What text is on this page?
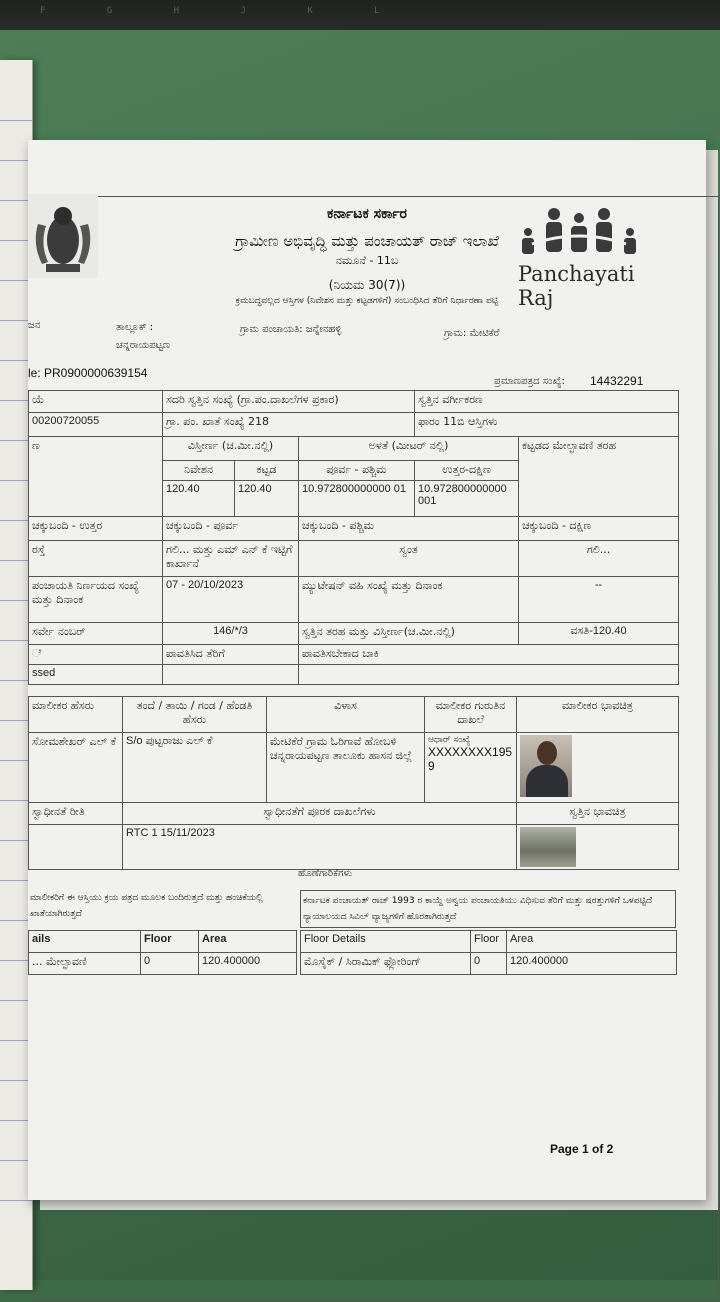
F G H J K L
Panchayati Raj
ಕರ್ನಾಟಕ ಸರ್ಕಾರ
ಗ್ರಾಮೀಣ ಅಭಿವೃದ್ಧಿ ಮತ್ತು ಪಂಚಾಯತ್ ರಾಜ್ ಇಲಾಖೆ
ನಮೂನೆ - 11ಬ
(ನಿಯಮ 30(7))
ಕ್ರಮಬದ್ಧವಲ್ಲದ ಆಸ್ತಿಗಳ (ನಿವೇಶನ ಮತ್ತು ಕಟ್ಟಡಗಳಿಗೆ) ಸಂಬಂಧಿಸಿದ ತೆರಿಗೆ ನಿರ್ಧಾರಣಾ ಪಟ್ಟಿ
ಜನ	ತಾಲ್ಲೂಕ್ :
ಚನ್ನರಾಯಪಟ್ಟಣ
ಗ್ರಾಮ ಪಂಚಾಯತಿ: ಜನ್ನೇನಹಳ್ಳಿ	ಗ್ರಾಮ: ಮೇಟಿಕೆರೆ
le: PR0900000639154
ಪ್ರಮಾಣಪತ್ರದ ಸಂಖ್ಯೆ: 14432291
ಯೆ	ಸದರಿ ಸ್ವತ್ತಿನ ಸಂಖ್ಯೆ (ಗ್ರಾ.ಪಂ.ದಾಖಲೆಗಳ ಪ್ರಕಾರ)			ಸ್ವತ್ತಿನ ವರ್ಗೀಕರಣ	
00200720055	ಗ್ರಾ. ಪಂ. ಖಾತೆ ಸಂಖ್ಯೆ 218			ಫಾರಂ 11ಬಿ ಆಸ್ತಿಗಳು	
ಣ	ವಿಸ್ತೀರ್ಣ (ಚ.ಮೀ.ನಲ್ಲಿ)		ಅಳತೆ (ಮೀಟರ್ ನಲ್ಲಿ)		ಕಟ್ಟಡದ ಮೇಲ್ಛಾವಣಿ ತರಹ
	ನಿವೇಶನ	ಕಟ್ಟಡ	ಪೂರ್ವ - ಪಶ್ಚಿಮ	ಉತ್ತರ-ದಕ್ಷಿಣ	
	120.40	120.40	10.972800000000 01	10.972800000000 001	
ಚಕ್ಕುಬಂದಿ - ಉತ್ತರ	ಚಕ್ಕುಬಂದಿ - ಪೂರ್ವ		ಚಕ್ಕುಬಂದಿ - ಪಶ್ಚಿಮ		ಚಕ್ಕುಬಂದಿ - ದಕ್ಷಿಣ
ರಸ್ತೆ	ಗಲಿ... ಮತ್ತು ಎಮ್ ಎನ್ ಕೆ ಇಟ್ಟಿಗೆ ಕಾರ್ಖಾನೆ		ಸ್ವಂತ		ಗಲಿ...
ಪಂಚಾಯತಿ ನಿರ್ಣಯದ ಸಂಖ್ಯೆ ಮತ್ತು ದಿನಾಂಕ	07 - 20/10/2023		ಮ್ಯುಟೇಷನ್ ವಹಿ ಸಂಖ್ಯೆ ಮತ್ತು ದಿನಾಂಕ		--
ಸರ್ವೇ ನಂಬರ್	146/*/3		ಸ್ವತ್ತಿನ ತರಹ ಮತ್ತು ವಿಸ್ತೀರ್ಣ(ಚ.ಮೀ.ನಲ್ಲಿ)		ವಸತಿ-120.40
ೆ	ಪಾವತಿಸಿದ ತೆರಿಗೆ		ಪಾವತಿಸಬೇಕಾದ ಬಾಕಿ		
ssed					
ಮಾಲೀಕರ ಹೆಸರು	ತಂದೆ / ತಾಯಿ / ಗಂಡ / ಹೆಂಡತಿ ಹೆಸರು	ವಿಳಾಸ	ಮಾಲೀಕರ ಗುರುತಿನ ದಾಖಲೆ	ಮಾಲೀಕರ ಭಾವಚಿತ್ರ
ಸೋಮಶೇಖರ್ ಎಲ್ ಕೆ	S/o ಪುಟ್ಟರಾಜು ಎಲ್ ಕೆ	ಮೇಟಿಕೆರೆ ಗ್ರಾಮ ಓರಿಗಾವೆ ಹೋಬಳಿ ಚನ್ನರಾಯಪಟ್ಟಣ ತಾಲೂಕು ಹಾಸನ ಜಿಲ್ಲೆ	ಆಧಾರ್ ಸಂಖ್ಯೆ
XXXXXXXX1959	

ಸ್ವಾಧೀನತೆ ರೀತಿ	ಸ್ವಾಧೀನತೆಗೆ ಪೂರಕ ದಾಖಲೆಗಳು			ಸ್ವತ್ತಿನ ಭಾವಚಿತ್ರ
	RTC 1 15/11/2023			
ಹೊಣೆಗಾರಿಕೆಗಳು
ಮಾಲೀಕರಿಗೆ ಈ ಆಸ್ತಿಯು ಕ್ರಯ ಪತ್ರದ ಮೂಲಕ ಬಂದಿರುತ್ತದೆ ಮತ್ತು ಹಂಚಿಕೆಯಲ್ಲಿ ಖಾತೆಯಾಗಿರುತ್ತದೆ
ಕರ್ನಾಟಕ ಪಂಚಾಯತ್ ರಾಜ್ 1993 ರ ಕಾಯ್ದೆ ಅನ್ವಯ ಪಂಚಾಯತಿಯು ವಿಧಿಸುವ ತೆರಿಗೆ ಮತ್ತು ಷರತ್ತುಗಳಿಗೆ ಒಳಪಟ್ಟಿದೆ ನ್ಯಾಯಾಲಯದ ಸಿವಿಲ್ ವ್ಯಾಜ್ಯಗಳಿಗೆ ಹೊರತಾಗಿರುತ್ತದೆ
ails	Floor	Area
... ಮೇಲ್ಛಾವಣಿ	0	120.400000
Floor Details	Floor	Area
ಮೊಸೈಕ್ / ಸಿರಾಮಿಕ್ ಫ್ಲೋರಿಂಗ್	0	120.400000
Page 1 of 2
